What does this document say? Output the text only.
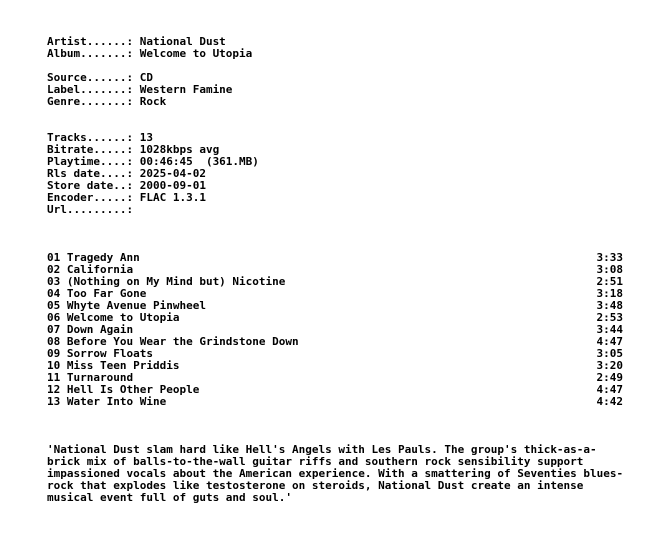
Artist......: National Dust
Album.......: Welcome to Utopia
Source......: CD
Label.......: Western Famine
Genre.......: Rock
Tracks......: 13
Bitrate.....: 1028kbps avg
Playtime....: 00:46:45  (361.MB)
Rls date....: 2025-04-02
Store date..: 2000-09-01
Encoder.....: FLAC 1.3.1
Url.........:
01 Tragedy Ann	3:33
02 California	3:08
03 (Nothing on My Mind but) Nicotine	2:51
04 Too Far Gone	3:18
05 Whyte Avenue Pinwheel	3:48
06 Welcome to Utopia	2:53
07 Down Again	3:44
08 Before You Wear the Grindstone Down	4:47
09 Sorrow Floats	3:05
10 Miss Teen Priddis	3:20
11 Turnaround	2:49
12 Hell Is Other People	4:47
13 Water Into Wine	4:42
'National Dust slam hard like Hell's Angels with Les Pauls. The group's thick-as-a-brick mix of balls-to-the-wall guitar riffs and southern rock sensibility support impassioned vocals about the American experience. With a smattering of Seventies blues-rock that explodes like testosterone on steroids, National Dust create an intense musical event full of guts and soul.'
